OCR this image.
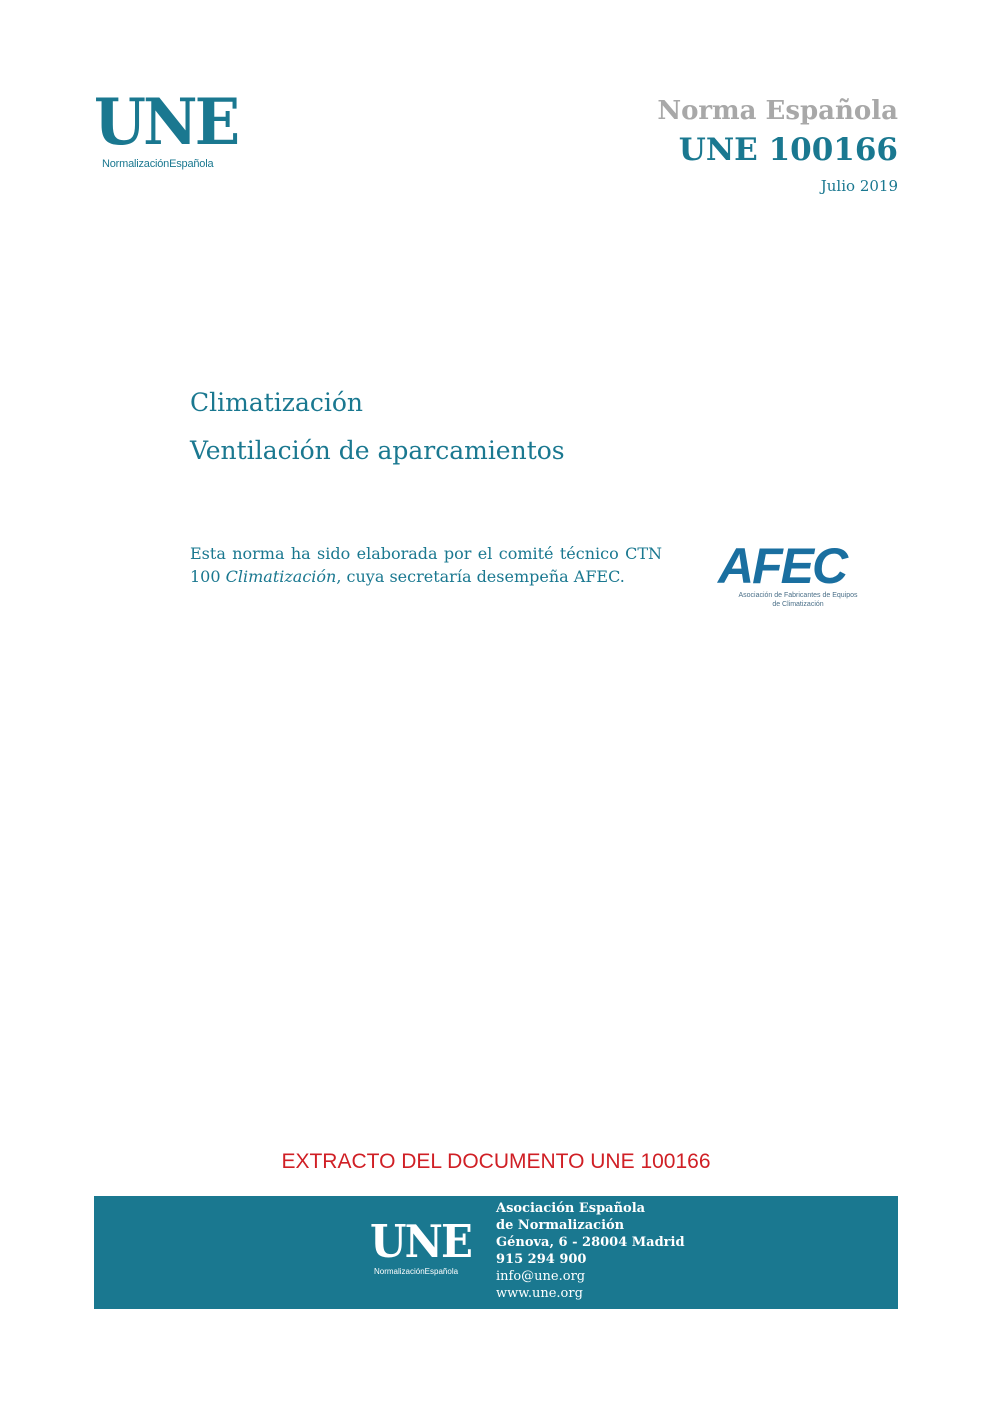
UNE
NormalizaciónEspañola
Norma Española
UNE 100166
Julio 2019
Climatización
Ventilación de aparcamientos
Esta norma ha sido elaborada por el comité técnico CTN 100 Climatización, cuya secretaría desempeña AFEC.	AFEC
Asociación de Fabricantes de Equipos de Climatización
EXTRACTO DEL DOCUMENTO UNE 100166
UNE
NormalizaciónEspañola
Asociación Española
de Normalización
Génova, 6 - 28004 Madrid
915 294 900
info@une.org
www.une.org
